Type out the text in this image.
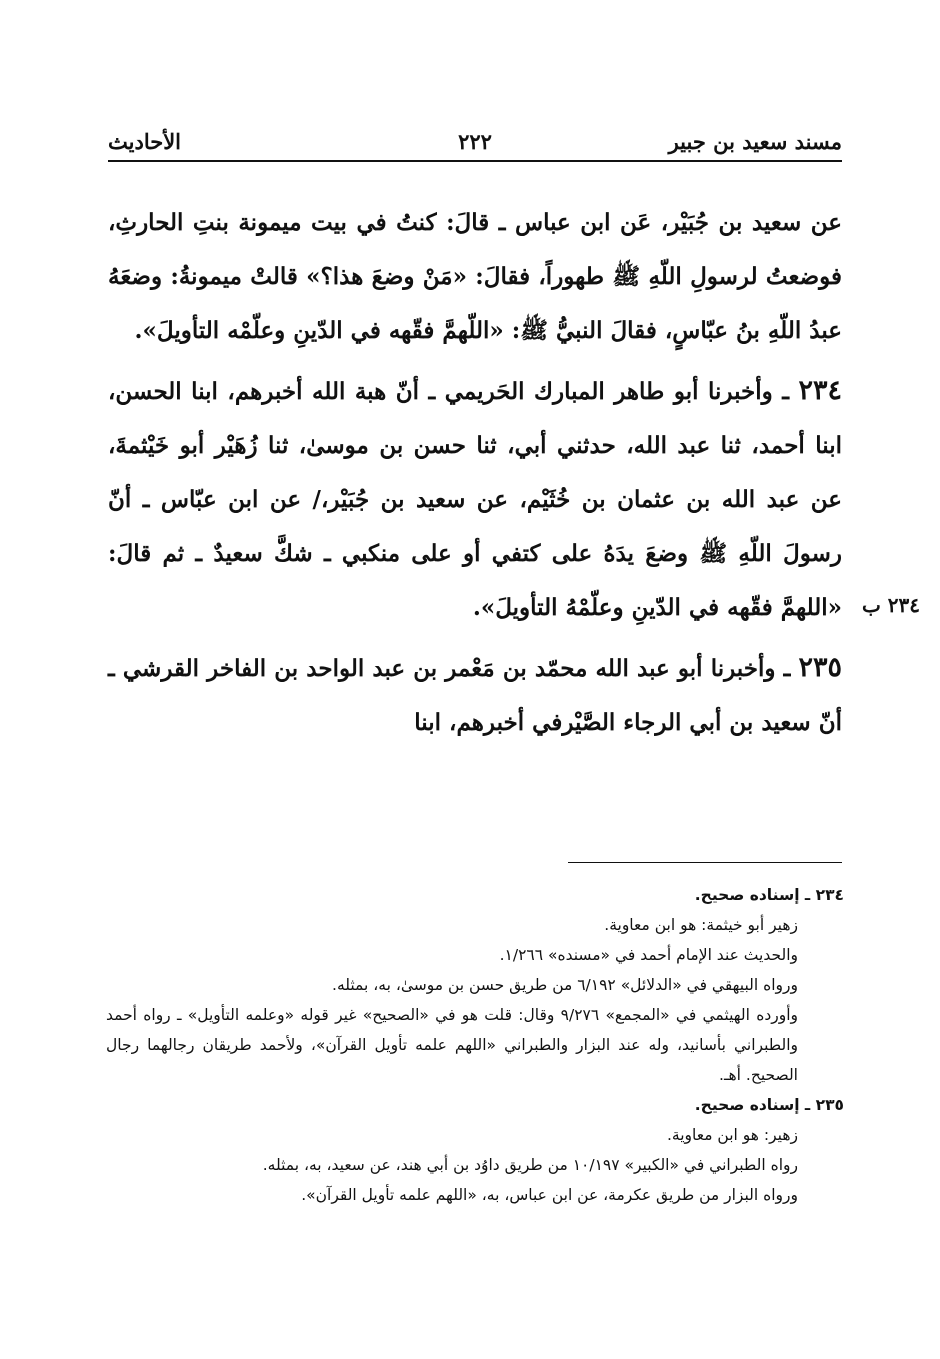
مسند سعيد بن جبير
٢٢٢
الأحاديث

عن سعيد بن جُبَيْر، عَن ابن عباس ـ قالَ: كنتُ في بيت ميمونة بنتِ الحارثِ، فوضعتُ لرسولِ اللّهِ ﷺ طهوراً، فقالَ: «مَنْ وضعَ هذا؟» قالتْ ميمونةُ: وضعَهُ عبدُ اللّهِ بنُ عبّاسٍ، فقالَ النبيُّ ﷺ: «اللّهمَّ فقّهه في الدّينِ وعلّمْه التأويلَ».

٢٣٤ ـ وأخبرنا أبو طاهر المبارك الحَريمي ـ أنّ هبة الله أخبرهم، ابنا الحسن، ابنا أحمد، ثنا عبد الله، حدثني أبي، ثنا حسن بن موسىٰ، ثنا زُهَيْر أبو خَيْثمةَ، عن عبد الله بن عثمان بن خُثَيْم، عن سعيد بن جُبَيْر،/ عن ابن عبّاس ـ أنّ رسولَ اللّهِ ﷺ وضعَ يدَهُ على كتفي أو على منكبي ـ شكَّ سعيدٌ ـ ثم قالَ: «اللهمَّ فقّهه في الدّينِ وعلّمْهُ التأويلَ».

٢٣٥ ـ وأخبرنا أبو عبد الله محمّد بن مَعْمر بن عبد الواحد بن الفاخر القرشي ـ أنّ سعيد بن أبي الرجاء الصَّيْرفي أخبرهم، ابنا

٢٣٤ ب

٢٣٤ ـ إسناده صحيح.

زهير أبو خيثمة: هو ابن معاوية.

والحديث عند الإمام أحمد في «مسنده» ١/٢٦٦.

ورواه البيهقي في «الدلائل» ٦/١٩٢ من طريق حسن بن موسىٰ، به، بمثله.

وأورده الهيثمي في «المجمع» ٩/٢٧٦ وقال: قلت هو في «الصحيح» غير قوله «وعلمه التأويل» ـ رواه أحمد والطبراني بأسانيد، وله عند البزار والطبراني «اللهم علمه تأويل القرآن»، ولأحمد طريقان رجالهما رجال الصحيح. أهـ.

٢٣٥ ـ إسناده صحيح.

زهير: هو ابن معاوية.

رواه الطبراني في «الكبير» ١٠/١٩٧ من طريق داوُد بن أبي هند، عن سعيد، به، بمثله.

ورواه البزار من طريق عكرمة، عن ابن عباس، به، «اللهم علمه تأويل القرآن».
